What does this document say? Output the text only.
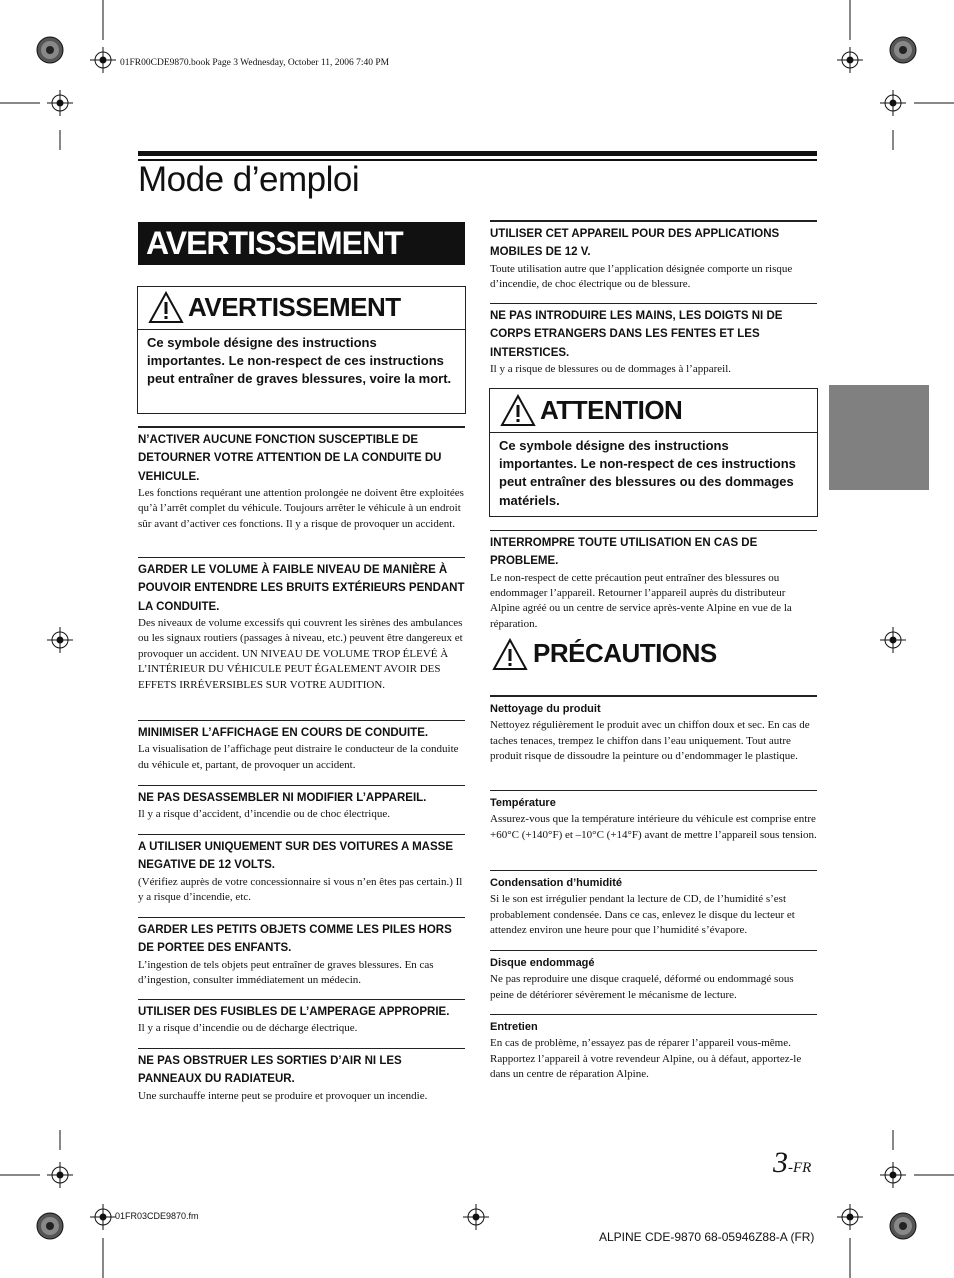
01FR00CDE9870.book Page 3 Wednesday, October 11, 2006 7:40 PM
Mode d’emploi
AVERTISSEMENT
AVERTISSEMENT
Ce symbole désigne des instructions importantes. Le non-respect de ces instructions peut entraîner de graves blessures, voire la mort.
N’ACTIVER AUCUNE FONCTION SUSCEPTIBLE DE DETOURNER VOTRE ATTENTION DE LA CONDUITE DU VEHICULE.
Les fonctions requérant une attention prolongée ne doivent être exploitées qu’à l’arrêt complet du véhicule. Toujours arrêter le véhicule à un endroit sûr avant d’activer ces fonctions. Il y a risque de provoquer un accident.
GARDER LE VOLUME À FAIBLE NIVEAU DE MANIÈRE À POUVOIR ENTENDRE LES BRUITS EXTÉRIEURS PENDANT LA CONDUITE.
Des niveaux de volume excessifs qui couvrent les sirènes des ambulances ou les signaux routiers (passages à niveau, etc.) peuvent être dangereux et provoquer un accident. UN NIVEAU DE VOLUME TROP ÉLEVÉ À L’INTÉRIEUR DU VÉHICULE PEUT ÉGALEMENT AVOIR DES EFFETS IRRÉVERSIBLES SUR VOTRE AUDITION.
MINIMISER L’AFFICHAGE EN COURS DE CONDUITE.
La visualisation de l’affichage peut distraire le conducteur de la conduite du véhicule et, partant, de provoquer un accident.
NE PAS DESASSEMBLER NI MODIFIER L’APPAREIL.
Il y a risque d’accident, d’incendie ou de choc électrique.
A UTILISER UNIQUEMENT SUR DES VOITURES A MASSE NEGATIVE DE 12 VOLTS.
(Vérifiez auprès de votre concessionnaire si vous n’en êtes pas certain.) Il y a risque d’incendie, etc.
GARDER LES PETITS OBJETS COMME LES PILES HORS DE PORTEE DES ENFANTS.
L’ingestion de tels objets peut entraîner de graves blessures. En cas d’ingestion, consulter immédiatement un médecin.
UTILISER DES FUSIBLES DE L’AMPERAGE APPROPRIE.
Il y a risque d’incendie ou de décharge électrique.
NE PAS OBSTRUER LES SORTIES D’AIR NI LES PANNEAUX DU RADIATEUR.
Une surchauffe interne peut se produire et provoquer un incendie.
UTILISER CET APPAREIL POUR DES APPLICATIONS MOBILES DE 12 V.
Toute utilisation autre que l’application désignée comporte un risque d’incendie, de choc électrique ou de blessure.
NE PAS INTRODUIRE LES MAINS, LES DOIGTS NI DE CORPS ETRANGERS DANS LES FENTES ET LES INTERSTICES.
Il y a risque de blessures ou de dommages à l’appareil.
ATTENTION
Ce symbole désigne des instructions importantes. Le non-respect de ces instructions peut entraîner des blessures ou des dommages matériels.
INTERROMPRE TOUTE UTILISATION EN CAS DE PROBLEME.
Le non-respect de cette précaution peut entraîner des blessures ou endommager l’appareil. Retourner l’appareil auprès du distributeur Alpine agréé ou un centre de service après-vente Alpine en vue de la réparation.
PRÉCAUTIONS
Nettoyage du produit
Nettoyez régulièrement le produit avec un chiffon doux et sec. En cas de taches tenaces, trempez le chiffon dans l’eau uniquement. Tout autre produit risque de dissoudre la peinture ou d’endommager le plastique.
Température
Assurez-vous que la température intérieure du véhicule est comprise entre +60°C (+140°F) et –10°C (+14°F) avant de mettre l’appareil sous tension.
Condensation d’humidité
Si le son est irrégulier pendant la lecture de CD, de l’humidité s’est probablement condensée. Dans ce cas, enlevez le disque du lecteur et attendez environ une heure pour que l’humidité s’évapore.
Disque endommagé
Ne pas reproduire une disque craquelé, déformé ou endommagé sous peine de détériorer sévèrement le mécanisme de lecture.
Entretien
En cas de problème, n’essayez pas de réparer l’appareil vous-même. Rapportez l’appareil à votre revendeur Alpine, ou à défaut, apportez-le dans un centre de réparation Alpine.
3-FR
01FR03CDE9870.fm
ALPINE CDE-9870 68-05946Z88-A (FR)
